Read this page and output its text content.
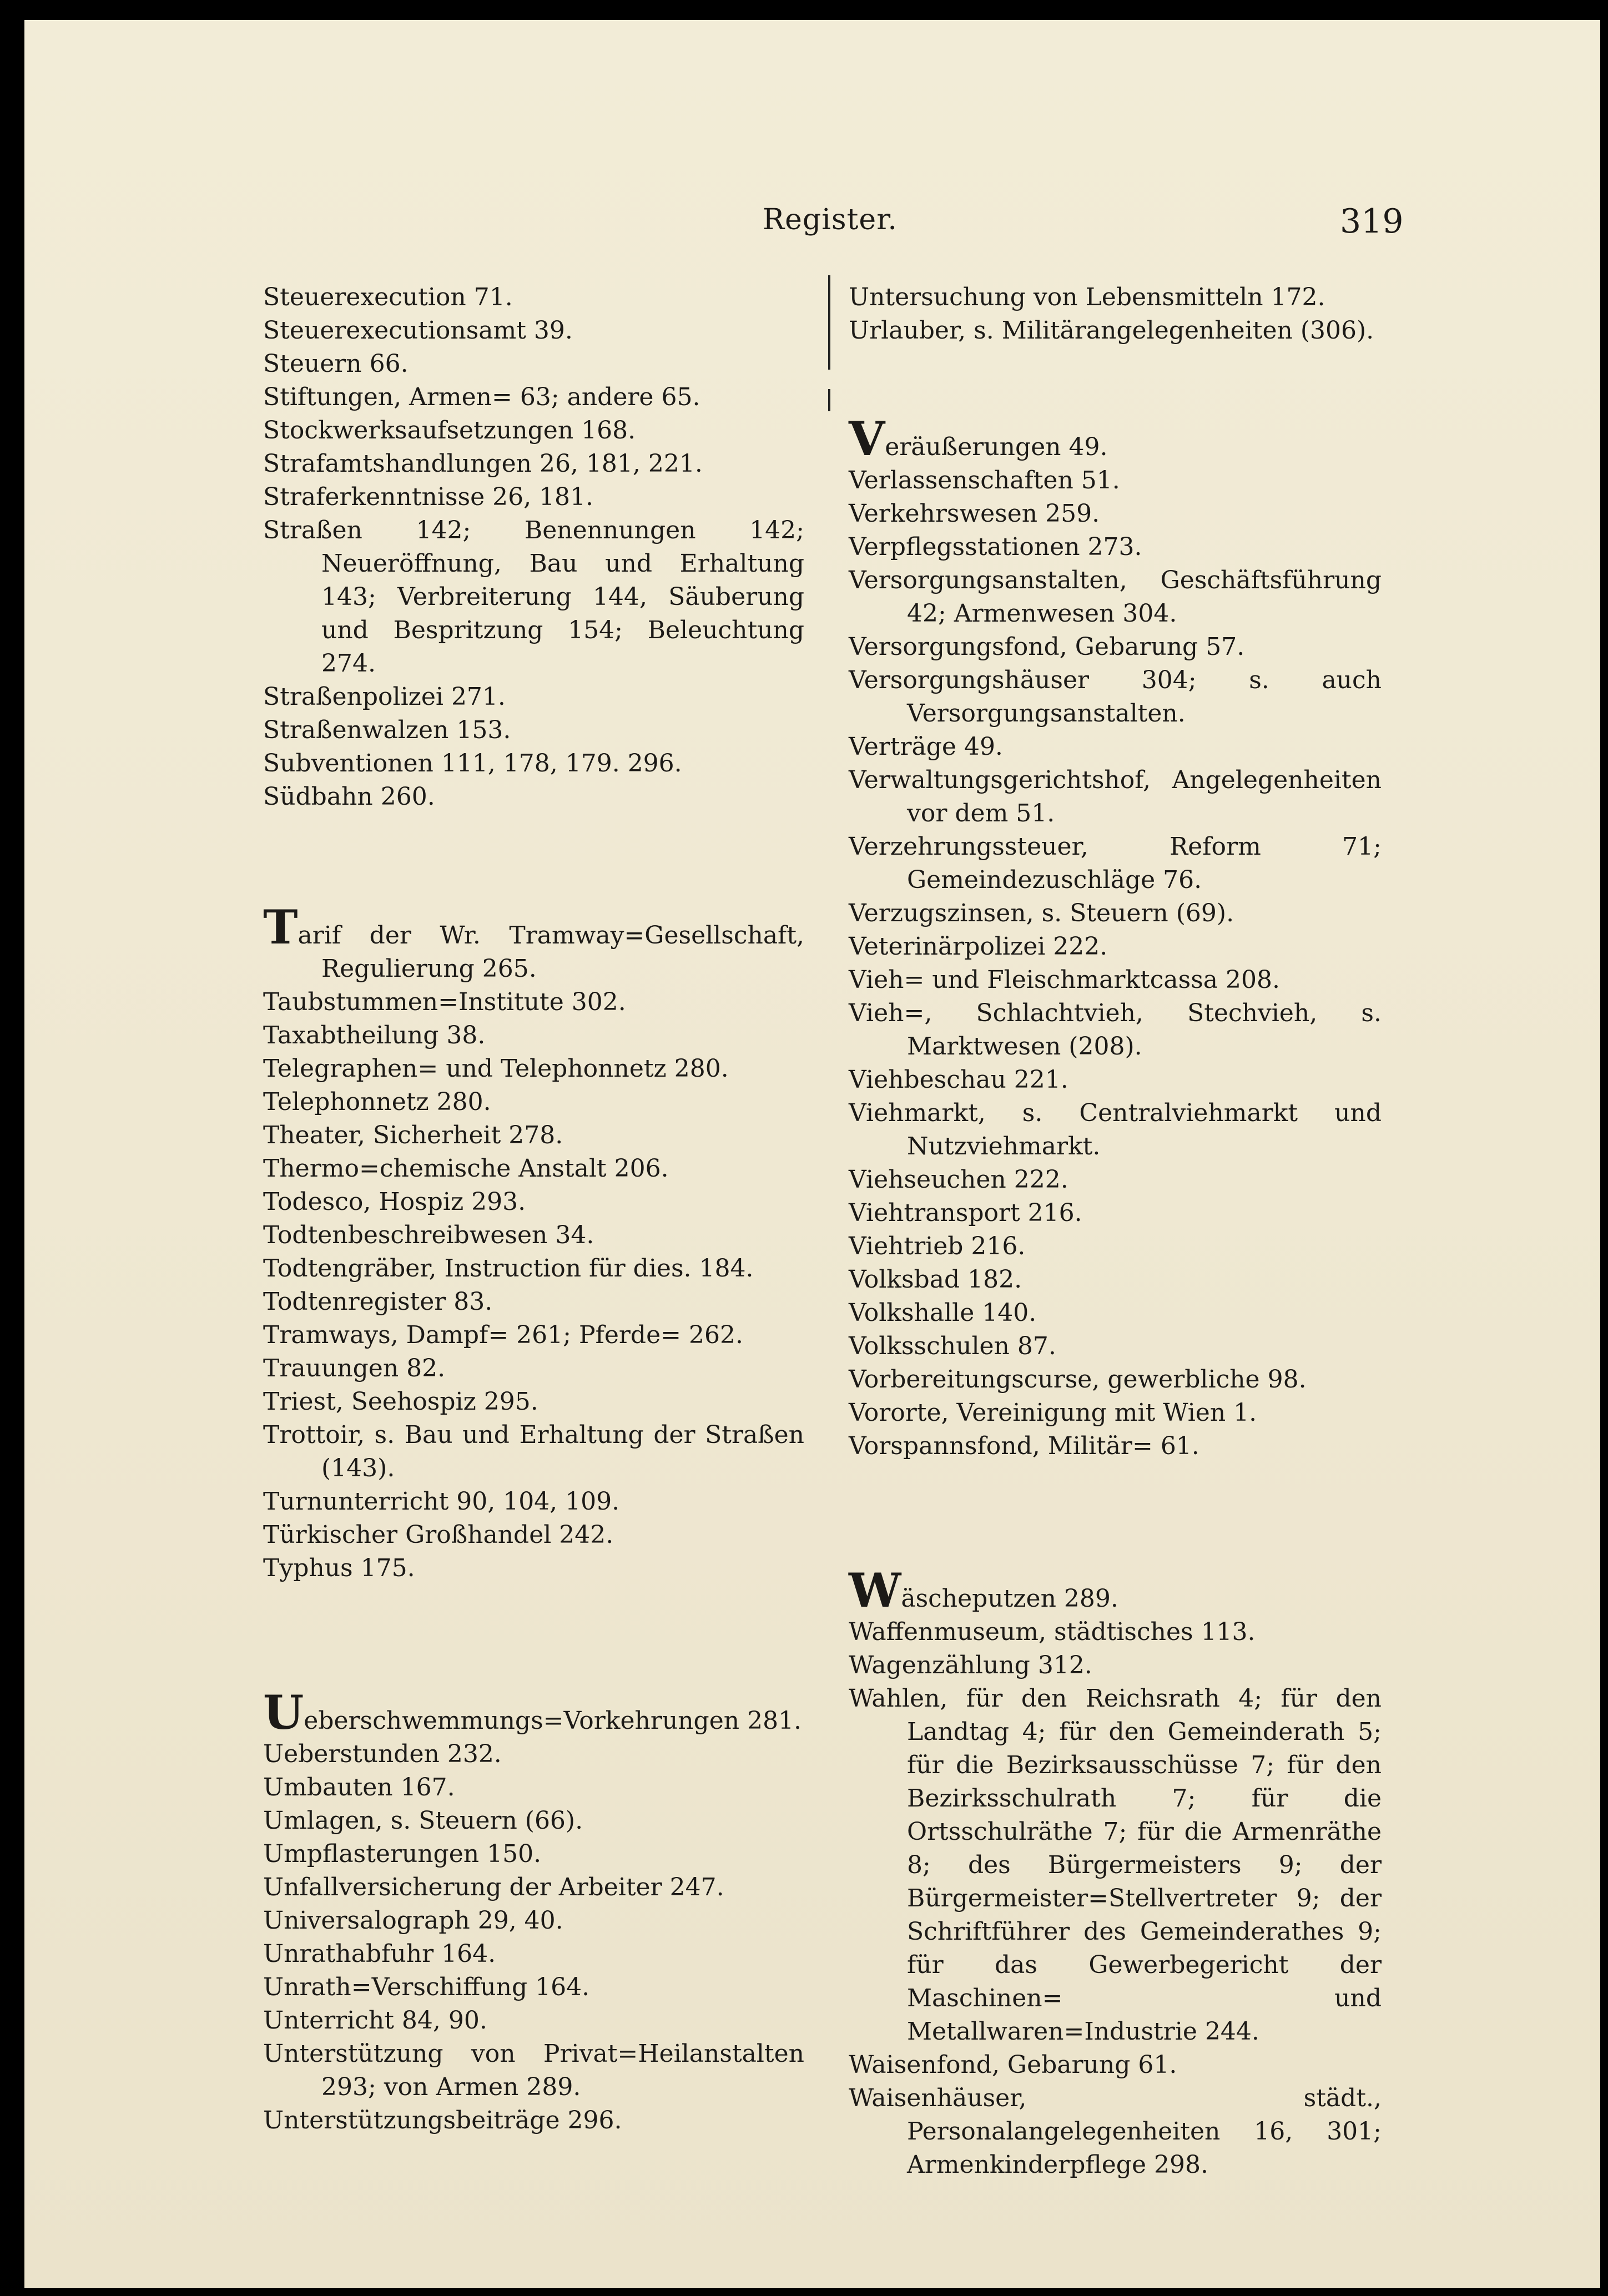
Register.	319
Steuerexecution 71.
Steuerexecutionsamt 39.
Steuern 66.
Stiftungen, Armen= 63; andere 65.
Stockwerksaufsetzungen 168.
Strafamtshandlungen 26, 181, 221.
Straferkenntnisse 26, 181.
Straßen 142; Benennungen 142; Neueröffnung, Bau und Erhaltung 143; Verbreiterung 144, Säuberung und Bespritzung 154; Beleuchtung 274.
Straßenpolizei 271.
Straßenwalzen 153.
Subventionen 111, 178, 179. 296.
Südbahn 260.
Tarif der Wr. Tramway=Gesellschaft, Regulierung 265.
Taubstummen=Institute 302.
Taxabtheilung 38.
Telegraphen= und Telephonnetz 280.
Telephonnetz 280.
Theater, Sicherheit 278.
Thermo=chemische Anstalt 206.
Todesco, Hospiz 293.
Todtenbeschreibwesen 34.
Todtengräber, Instruction für dies. 184.
Todtenregister 83.
Tramways, Dampf= 261; Pferde= 262.
Trauungen 82.
Triest, Seehospiz 295.
Trottoir, s. Bau und Erhaltung der Straßen (143).
Turnunterricht 90, 104, 109.
Türkischer Großhandel 242.
Typhus 175.
Ueberschwemmungs=Vorkehrungen 281.
Ueberstunden 232.
Umbauten 167.
Umlagen, s. Steuern (66).
Umpflasterungen 150.
Unfallversicherung der Arbeiter 247.
Universalograph 29, 40.
Unrathabfuhr 164.
Unrath=Verschiffung 164.
Unterricht 84, 90.
Unterstützung von Privat=Heilanstalten 293; von Armen 289.
Unterstützungsbeiträge 296.
Untersuchung von Lebensmitteln 172.
Urlauber, s. Militärangelegenheiten (306).
Veräußerungen 49.
Verlassenschaften 51.
Verkehrswesen 259.
Verpflegsstationen 273.
Versorgungsanstalten, Geschäftsführung 42; Armenwesen 304.
Versorgungsfond, Gebarung 57.
Versorgungshäuser 304; s. auch Versorgungsanstalten.
Verträge 49.
Verwaltungsgerichtshof, Angelegenheiten vor dem 51.
Verzehrungssteuer, Reform 71; Gemeindezuschläge 76.
Verzugszinsen, s. Steuern (69).
Veterinärpolizei 222.
Vieh= und Fleischmarktcassa 208.
Vieh=, Schlachtvieh, Stechvieh, s. Marktwesen (208).
Viehbeschau 221.
Viehmarkt, s. Centralviehmarkt und Nutzviehmarkt.
Viehseuchen 222.
Viehtransport 216.
Viehtrieb 216.
Volksbad 182.
Volkshalle 140.
Volksschulen 87.
Vorbereitungscurse, gewerbliche 98.
Vororte, Vereinigung mit Wien 1.
Vorspannsfond, Militär= 61.
Wäscheputzen 289.
Waffenmuseum, städtisches 113.
Wagenzählung 312.
Wahlen, für den Reichsrath 4; für den Landtag 4; für den Gemeinderath 5; für die Bezirksausschüsse 7; für den Bezirksschulrath 7; für die Ortsschulräthe 7; für die Armenräthe 8; des Bürgermeisters 9; der Bürgermeister=Stellvertreter 9; der Schriftführer des Gemeinderathes 9; für das Gewerbegericht der Maschinen= und Metallwaren=Industrie 244.
Waisenfond, Gebarung 61.
Waisenhäuser, städt., Personalangelegenheiten 16, 301; Armenkinderpflege 298.
